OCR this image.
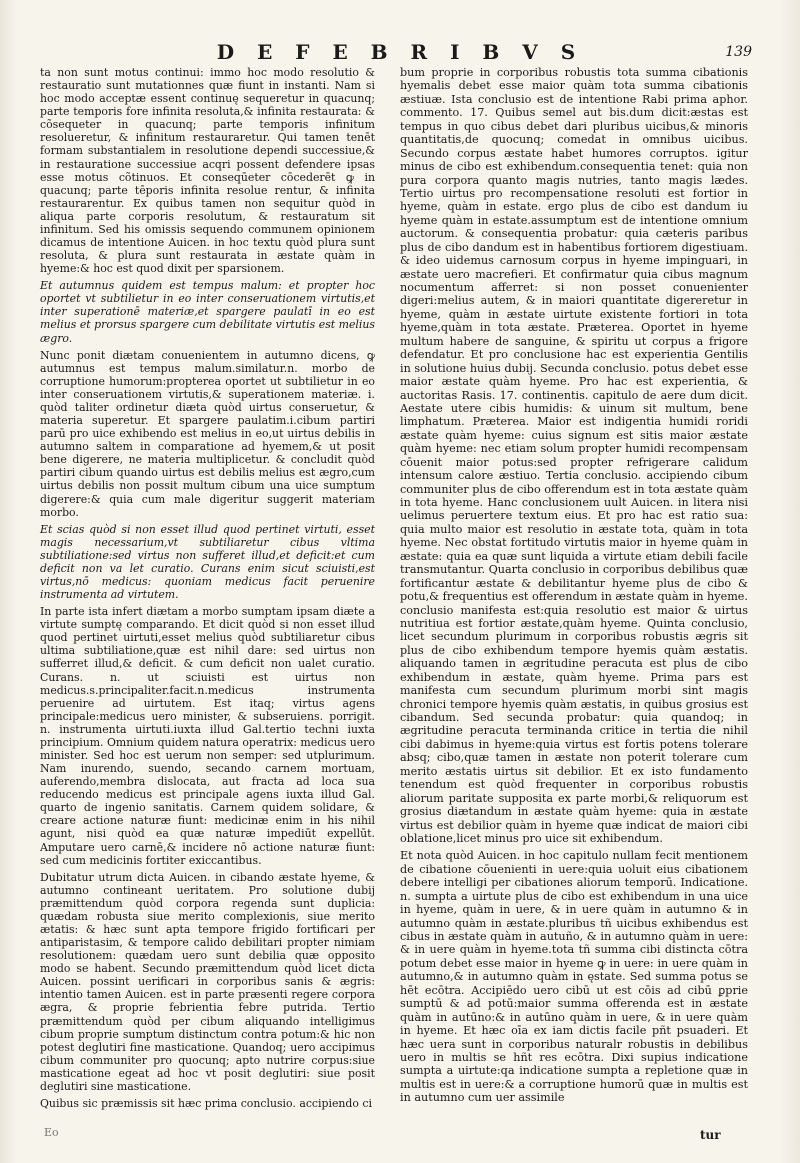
D E F E B R I B V S	139

ta non sunt motus continui: immo hoc modo resolutio & restauratio sunt mutationnes quæ fiunt in instanti. Nam si hoc modo acceptæ essent continuę sequeretur in quacunq; parte temporis fore infinita resoluta,& infinita restaurata: & cõsequeter in quacunq; parte temporis infinitum resolueretur, & infinitum restauraretur. Qui tamen tenēt formam substantialem in resolutione dependi successiue,& in restauratione successiue acqri possent defendere ipsas esse motus cõtinuos. Et conseqūeter cōcederēt ꝙ in quacunq; parte tēporis infinita resolue rentur, & infinita restaurarentur. Ex quibus tamen non sequitur quòd in aliqua parte corporis resolutum, & restauratum sit infinitum. Sed his omissis sequendo communem opinionem dicamus de intentione Auicen. in hoc textu quòd plura sunt resoluta, & plura sunt restaurata in æstate quàm in hyeme:& hoc est quod dixit per sparsionem.

Et autumnus quidem est tempus malum: et propter hoc oportet vt subtilietur in eo inter conseruationem virtutis,et inter superationē materiæ,et spargere paulatī in eo est melius et prorsus spargere cum debilitate virtutis est melius ægro.

Nunc ponit diætam conuenientem in autumno dicens, ꝙ autumnus est tempus malum.similatur.n. morbo de corruptione humorum:propterea oportet ut subtilietur in eo inter conseruationem virtutis,& superationem materiæ. i. quòd taliter ordinetur diæta quòd uirtus conseruetur, & materia superetur. Et spargere paulatim.i.cibum partiri parū pro uice exhibendo est melius in eo,ut uirtus debilis in autumno saltem in comparatione ad hyemem,& ut posit bene digerere, ne materia multiplicetur. & concludit quòd partiri cibum quando uirtus est debilis melius est ægro,cum uirtus debilis non possit multum cibum una uice sumptum digerere:& quia cum male digeritur suggerit materiam morbo.

Et scias quòd si non esset illud quod pertinet virtuti, esset magis necessarium,vt subtiliaretur cibus vltima subtiliatione:sed virtus non sufferet illud,et deficit:et cum deficit non va let curatio. Curans enim sicut sciuisti,est virtus,nō medicus: quoniam medicus facit peruenire instrumenta ad virtutem.

In parte ista infert diætam a morbo sumptam ipsam diæte a virtute sumptę comparando. Et dicit quòd si non esset illud quod pertinet uirtuti,esset melius quòd subtiliaretur cibus ultima subtiliatione,quæ est nihil dare: sed uirtus non sufferret illud,& deficit. & cum deficit non ualet curatio. Curans. n. ut sciuisti est uirtus non medicus.s.principaliter.facit.n.medicus instrumenta peruenire ad uirtutem. Est itaq; virtus agens principale:medicus uero minister, & subseruiens. porrigit. n. instrumenta uirtuti.iuxta illud Gal.tertio techni iuxta principium. Omnium quidem natura operatrix: medicus uero minister. Sed hoc est uerum non semper: sed utplurimum. Nam inurendo, suendo, secando carnem mortuam, auferendo,membra dislocata, aut fracta ad loca sua reducendo medicus est principale agens iuxta illud Gal. quarto de ingenio sanitatis. Carnem quidem solidare, & creare actione naturæ fiunt: medicinæ enim in his nihil agunt, nisi quòd ea quæ naturæ impediūt expellūt. Amputare uero carnē,& incidere nō actione naturæ fiunt: sed cum medicinis fortiter exiccantibus.

Dubitatur utrum dicta Auicen. in cibando æstate hyeme, & autumno contineant ueritatem. Pro solutione dubij præmittendum quòd corpora regenda sunt duplicia: quædam robusta siue merito complexionis, siue merito ætatis: & hæc sunt apta tempore frigido fortificari per antiparistasim, & tempore calido debilitari propter nimiam resolutionem: quædam uero sunt debilia quæ opposito modo se habent. Secundo præmittendum quòd licet dicta Auicen. possint uerificari in corporibus sanis & ægris: intentio tamen Auicen. est in parte præsenti regere corpora ægra, & proprie febrientia febre putrida. Tertio præmittendum quòd per cibum aliquando intelligimus cibum proprie sumptum distinctum contra potum:& hic non potest deglutiri fine masticatione. Quandoq; uero accipimus cibum communiter pro quocunq; apto nutrire corpus:siue masticatione egeat ad hoc vt posit deglutiri: siue posit deglutiri sine masticatione.

Quibus sic præmissis sit hæc prima conclusio. accipiendo ci

bum proprie in corporibus robustis tota summa cibationis hyemalis debet esse maior quàm tota summa cibationis æstiuæ. Ista conclusio est de intentione Rabi prima aphor. commento. 17. Quibus semel aut bis.dum dicit:æstas est tempus in quo cibus debet dari pluribus uicibus,& minoris quantitatis,de quocunq; comedat in omnibus uicibus. Secundo corpus æstate habet humores corruptos. igitur minus de cibo est exhibendum.consequentia tenet: quia non pura corpora quanto magis nutries, tanto magis lædes. Tertio uirtus pro recompensatione resoluti est fortior in hyeme, quàm in estate. ergo plus de cibo est dandum iu hyeme quàm in estate.assumptum est de intentione omnium auctorum. & consequentia probatur: quia cæteris paribus plus de cibo dandum est in habentibus fortiorem digestiuam. & ideo uidemus carnosum corpus in hyeme impinguari, in æstate uero macrefieri. Et confirmatur quia cibus magnum nocumentum afferret: si non posset conuenienter digeri:melius autem, & in maiori quantitate digereretur in hyeme, quàm in æstate uirtute existente fortiori in tota hyeme,quàm in tota æstate. Præterea. Oportet in hyeme multum habere de sanguine, & spiritu ut corpus a frigore defendatur. Et pro conclusione hac est experientia Gentilis in solutione huius dubij. Secunda conclusio. potus debet esse maior æstate quàm hyeme. Pro hac est experientia, & auctoritas Rasis. 17. continentis. capitulo de aere dum dicit. Aestate utere cibis humidis: & uinum sit multum, bene limphatum. Præterea. Maior est indigentia humidi roridi æstate quàm hyeme: cuius signum est sitis maior æstate quàm hyeme: nec etiam solum propter humidi recompensam cōuenit maior potus:sed propter refrigerare calidum intensum calore æstiuo. Tertia conclusio. accipiendo cibum communiter plus de cibo offerendum est in tota æstate quàm in tota hyeme. Hanc conclusionem uult Auicen. in litera nisi uelimus peruertere textum eius. Et pro hac est ratio sua: quia multo maior est resolutio in æstate tota, quàm in tota hyeme. Nec obstat fortitudo virtutis maior in hyeme quàm in æstate: quia ea quæ sunt liquida a virtute etiam debili facile transmutantur. Quarta conclusio in corporibus debilibus quæ fortificantur æstate & debilitantur hyeme plus de cibo & potu,& frequentius est offerendum in æstate quàm in hyeme. conclusio manifesta est:quia resolutio est maior & uirtus nutritiua est fortior æstate,quàm hyeme. Quinta conclusio, licet secundum plurimum in corporibus robustis ægris sit plus de cibo exhibendum tempore hyemis quàm æstatis. aliquando tamen in ægritudine peracuta est plus de cibo exhibendum in æstate, quàm hyeme. Prima pars est manifesta cum secundum plurimum morbi sint magis chronici tempore hyemis quàm æstatis, in quibus grosius est cibandum. Sed secunda probatur: quia quandoq; in ægritudine peracuta terminanda critice in tertia die nihil cibi dabimus in hyeme:quia virtus est fortis potens tolerare absq; cibo,quæ tamen in æstate non poterit tolerare cum merito æstatis uirtus sit debilior. Et ex isto fundamento tenendum est quòd frequenter in corporibus robustis aliorum paritate supposita ex parte morbi,& reliquorum est grosius diætandum in æstate quàm hyeme: quia in æstate virtus est debilior quàm in hyeme quæ indicat de maiori cibi oblatione,licet minus pro uice sit exhibendum.

Et nota quòd Auicen. in hoc capitulo nullam fecit mentionem de cibatione cōuenienti in uere:quia uoluit eius cibationem debere intelligi per cibationes aliorum temporū. Indicatione. n. sumpta a uirtute plus de cibo est exhibendum in una uice in hyeme, quàm in uere, & in uere quàm in autumno & in autumno quàm in æstate.pluribus tñ uicibus exhibendus est cibus in æstate quàm in autuño, & in autumno quàm in uere: & in uere quàm in hyeme.tota tñ summa cibi distincta cōtra potum debet esse maior in hyeme ꝙ in uere: in uere quàm in autumno,& in autumno quàm in ęstate. Sed summa potus se hēt ecōtra. Accipiēdo uero cibū ut est cōis ad cibū ꝑprie sumptū & ad potū:maior summa offerenda est in æstate quàm in autūno:& in autūno quàm in uere, & in uere quàm in hyeme. Et hæc oīa ex iam dictis facile pñt psuaderi. Et hæc uera sunt in corporibus naturalr robustis in debilibus uero in multis se hñt res ecōtra. Dixi supius indicatione sumpta a uirtute:qa indicatione sumpta a repletione quæ in multis est in uere:& a corruptione humorū quæ in multis est in autumno cum uer assimile

Eo	tur
